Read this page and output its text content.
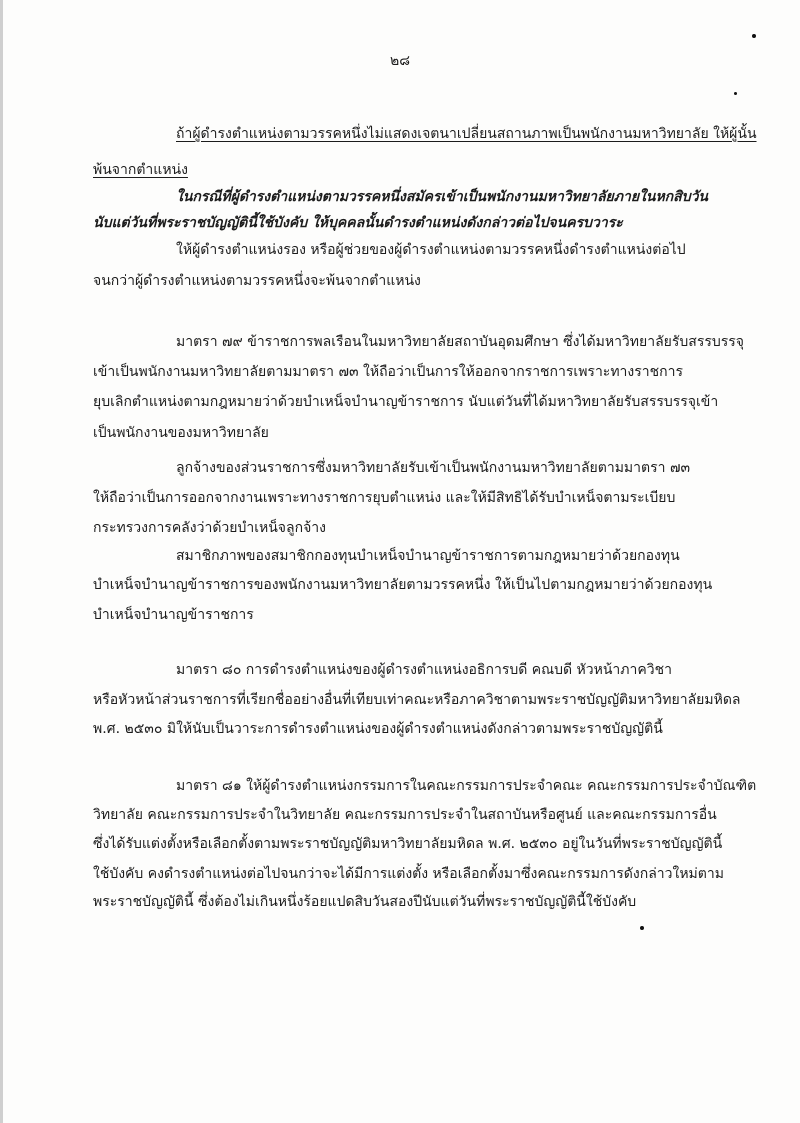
๒๘
ถ้าผู้ดำรงตำแหน่งตามวรรคหนึ่งไม่แสดงเจตนาเปลี่ยนสถานภาพเป็นพนักงานมหาวิทยาลัย ให้ผู้นั้น
พ้นจากตำแหน่ง
ในกรณีที่ผู้ดำรงตำแหน่งตามวรรคหนึ่งสมัครเข้าเป็นพนักงานมหาวิทยาลัยภายในหกสิบวัน
นับแต่วันที่พระราชบัญญัตินี้ใช้บังคับ ให้บุคคลนั้นดำรงตำแหน่งดังกล่าวต่อไปจนครบวาระ
ให้ผู้ดำรงตำแหน่งรอง หรือผู้ช่วยของผู้ดำรงตำแหน่งตามวรรคหนึ่งดำรงตำแหน่งต่อไป
จนกว่าผู้ดำรงตำแหน่งตามวรรคหนึ่งจะพ้นจากตำแหน่ง
มาตรา ๗๙ ข้าราชการพลเรือนในมหาวิทยาลัยสถาบันอุดมศึกษา ซึ่งได้มหาวิทยาลัยรับสรรบรรจุ
เข้าเป็นพนักงานมหาวิทยาลัยตามมาตรา ๗๓ ให้ถือว่าเป็นการให้ออกจากราชการเพราะทางราชการ
ยุบเลิกตำแหน่งตามกฎหมายว่าด้วยบำเหน็จบำนาญข้าราชการ นับแต่วันที่ได้มหาวิทยาลัยรับสรรบรรจุเข้า
เป็นพนักงานของมหาวิทยาลัย
ลูกจ้างของส่วนราชการซึ่งมหาวิทยาลัยรับเข้าเป็นพนักงานมหาวิทยาลัยตามมาตรา ๗๓
ให้ถือว่าเป็นการออกจากงานเพราะทางราชการยุบตำแหน่ง และให้มีสิทธิได้รับบำเหน็จตามระเบียบ
กระทรวงการคลังว่าด้วยบำเหน็จลูกจ้าง
สมาชิกภาพของสมาชิกกองทุนบำเหน็จบำนาญข้าราชการตามกฎหมายว่าด้วยกองทุน
บำเหน็จบำนาญข้าราชการของพนักงานมหาวิทยาลัยตามวรรคหนึ่ง ให้เป็นไปตามกฎหมายว่าด้วยกองทุน
บำเหน็จบำนาญข้าราชการ
มาตรา ๘๐ การดำรงตำแหน่งของผู้ดำรงตำแหน่งอธิการบดี คณบดี หัวหน้าภาควิชา
หรือหัวหน้าส่วนราชการที่เรียกชื่ออย่างอื่นที่เทียบเท่าคณะหรือภาควิชาตามพระราชบัญญัติมหาวิทยาลัยมหิดล
พ.ศ. ๒๕๓๐ มิให้นับเป็นวาระการดำรงตำแหน่งของผู้ดำรงตำแหน่งดังกล่าวตามพระราชบัญญัตินี้
มาตรา ๘๑ ให้ผู้ดำรงตำแหน่งกรรมการในคณะกรรมการประจำคณะ คณะกรรมการประจำบัณฑิต
วิทยาลัย คณะกรรมการประจำในวิทยาลัย คณะกรรมการประจำในสถาบันหรือศูนย์ และคณะกรรมการอื่น
ซึ่งได้รับแต่งตั้งหรือเลือกตั้งตามพระราชบัญญัติมหาวิทยาลัยมหิดล พ.ศ. ๒๕๓๐ อยู่ในวันที่พระราชบัญญัตินี้
ใช้บังคับ คงดำรงตำแหน่งต่อไปจนกว่าจะได้มีการแต่งตั้ง หรือเลือกตั้งมาซึ่งคณะกรรมการดังกล่าวใหม่ตาม
พระราชบัญญัตินี้ ซึ่งต้องไม่เกินหนึ่งร้อยแปดสิบวันสองปีนับแต่วันที่พระราชบัญญัตินี้ใช้บังคับ
